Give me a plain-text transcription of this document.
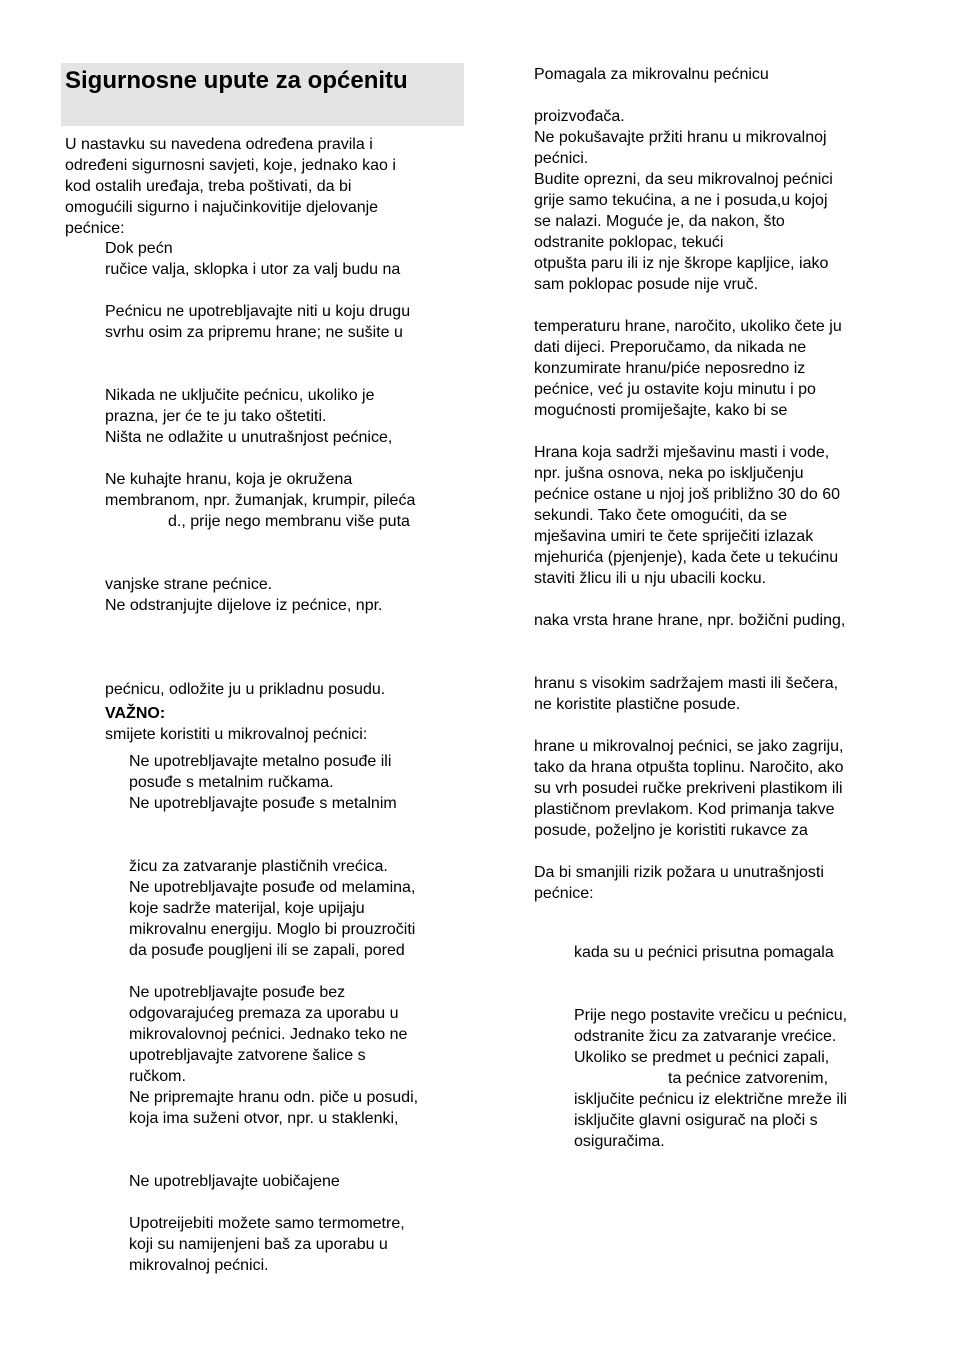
Sigurnosne upute za općenitu

U nastavku su navedena određena pravila i

određeni sigurnosni savjeti, koje, jednako kao i

kod ostalih uređaja, treba poštivati, da bi

omogućili sigurno i najučinkovitije djelovanje

pećnice:

Dok pećn

ručice valja, sklopka i utor za valj budu na

Pećnicu ne upotrebljavajte niti u koju drugu

svrhu osim za pripremu hrane; ne sušite u

Nikada ne uključite pećnicu, ukoliko je

prazna, jer će te ju tako oštetiti.

Ništa ne odlažite u unutrašnjost pećnice,

Ne kuhajte hranu, koja je okružena

membranom, npr. žumanjak, krumpir, pileća

d., prije nego membranu više puta

vanjske strane pećnice.

Ne odstranjujte dijelove iz pećnice, npr.

pećnicu, odložite ju u prikladnu posudu.

VAŽNO:

smijete koristiti u mikrovalnoj pećnici:

Ne upotrebljavajte metalno posuđe ili

posuđe s metalnim ručkama.

Ne upotrebljavajte posuđe s metalnim

žicu za zatvaranje plastičnih vrećica.

Ne upotrebljavajte posuđe od melamina,

koje sadrže materijal, koje upijaju

mikrovalnu energiju. Moglo bi prouzročiti

da posuđe pougljeni ili se zapali, pored

Ne upotrebljavajte posuđe bez

odgovarajućeg premaza za uporabu u

mikrovalovnoj pećnici. Jednako teko ne

upotrebljavajte zatvorene šalice s

ručkom.

Ne pripremajte hranu odn. piče u posudi,

koja ima suženi otvor, npr. u staklenki,

Ne upotrebljavajte uobičajene

Upotreijebiti možete samo termometre,

koji su namijenjeni baš za uporabu u

mikrovalnoj pećnici.

Pomagala za mikrovalnu pećnicu

proizvođača.

Ne pokušavajte pržiti hranu u mikrovalnoj

pećnici.

Budite oprezni, da seu mikrovalnoj pećnici

grije samo tekućina, a ne i posuda,u kojoj

se nalazi. Moguće je, da nakon, što

odstranite poklopac, tekući

otpušta paru ili iz nje škrope kapljice, iako

sam poklopac posude nije vruč.

temperaturu hrane, naročito, ukoliko čete ju

dati dijeci. Preporučamo, da nikada ne

konzumirate hranu/piće neposredno iz

pećnice, već ju ostavite koju minutu i po

mogućnosti promiješajte, kako bi se

Hrana koja sadrži mješavinu masti i vode,

npr. jušna osnova, neka po isključenju

pećnice ostane u njoj još približno 30 do 60

sekundi. Tako čete omogućiti, da se

mješavina umiri te čete spriječiti izlazak

mjehurića (pjenjenje), kada čete u tekućinu

staviti žlicu ili u nju ubacili kocku.

naka vrsta hrane hrane, npr. božični puding,

hranu s visokim sadržajem masti ili šečera,

ne koristite plastične posude.

hrane u mikrovalnoj pećnici, se jako zagriju,

tako da hrana otpušta toplinu. Naročito, ako

su vrh posudei ručke prekriveni plastikom ili

plastičnom prevlakom. Kod primanja takve

posude, poželjno je koristiti rukavce za

Da bi smanjili rizik požara u unutrašnjosti

pećnice:

kada su u pećnici prisutna pomagala

Prije nego postavite vrečicu u pećnicu,

odstranite žicu za zatvaranje vrećice.

Ukoliko se predmet u pećnici zapali,

ta pećnice zatvorenim,

isključite pećnicu iz električne mreže ili

isključite glavni osigurač na ploči s

osiguračima.
